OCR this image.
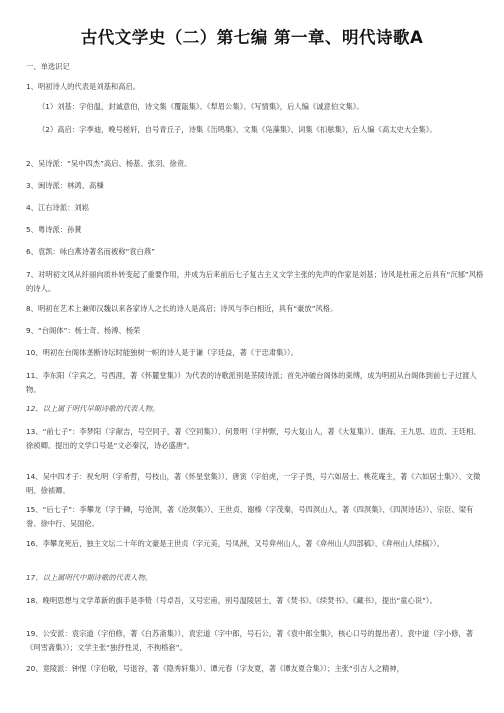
古代文学史（二）第七编 第一章、明代诗歌A
一、单选识记
1、明初诗人的代表是刘基和高启。
（1）刘基：字伯温，封诚意伯，诗文集《覆瓿集》、《犁眉公集》、《写情集》，后人编《诚意伯文集》。
（2）高启：字季迪，晚号槎轩，自号青丘子，诗集《缶鸣集》、文集《凫藻集》、词集《扣舷集》，后人编《高太史大全集》。
2、吴诗派：“吴中四杰”高启、杨基、张羽、徐贲。
3、闽诗派：林鸿、高棅
4、江右诗派：刘崧
5、粤诗派：孙蕡
6、袁凯：咏白燕诗著名而被称“袁白燕”
7、对明初文风从纤丽向质朴转变起了重要作用，并成为后来前后七子复古主义文学主张的先声的作家是刘基；诗风是杜甫之后具有“沉郁”风格的诗人。
8、明初在艺术上兼师汉魏以来各家诗人之长的诗人是高启；诗风与李白相近，具有“豪放”风格。
9、“台阁体”：杨士奇、杨溥、杨荣
10、明初在台阁体垄断诗坛时能独树一帜的诗人是于谦（字廷益，著《于忠肃集》）。
11、李东阳（字宾之，号西涯，著《怀麓堂集》）为代表的诗歌派别是茶陵诗派；首先冲破台阁体的束缚，成为明初从台阁体到前七子过渡人物。
12、以上属于明代早期诗歌的代表人物。
13、“前七子”：李梦阳（字献吉，号空同子，著《空同集》）、何景明（字仲默，号大复山人，著《大复集》）、康海、王九思、边贡、王廷相、徐祯卿。提出的文学口号是“文必秦汉，诗必盛唐”。
14、吴中四才子：祝允明（字希哲，号枝山，著《怀星堂集》）、唐寅（字伯虎，一字子畏，号六如居士、桃花庵主，著《六如居士集》）、文徵明、徐祯卿。
15、“后七子”：李攀龙（字于鳞，号沧溟，著《沧溟集》）、王世贞、谢榛（字茂秦，号四溟山人，著《四溟集》、《四溟诗话》）、宗臣、梁有誉、徐中行、吴国伦。
16、李攀龙死后，独主文坛二十年的文豪是王世贞（字元美，号凤洲，又号弇州山人，著《弇州山人四部稿》、《弇州山人续稿》）。
17、以上属明代中期诗歌的代表人物。
18、晚明思想与文学革新的旗手是李贽（号卓吾，又号宏甫，别号温陵居士，著《焚书》、《续焚书》、《藏书》，提出“童心说”）。
19、公安派：袁宗道（字伯修，著《白苏斋集》）、袁宏道（字中郎，号石公，著《袁中郎全集》，核心口号的提出者）、袁中道（字小修，著《珂雪斋集》）；文学主张“独抒性灵，不拘格套”。
20、竟陵派：钟惺（字伯敬，号退谷，著《隐秀轩集》）、谭元春（字友夏，著《谭友夏合集》）；主张“引古人之精神，
